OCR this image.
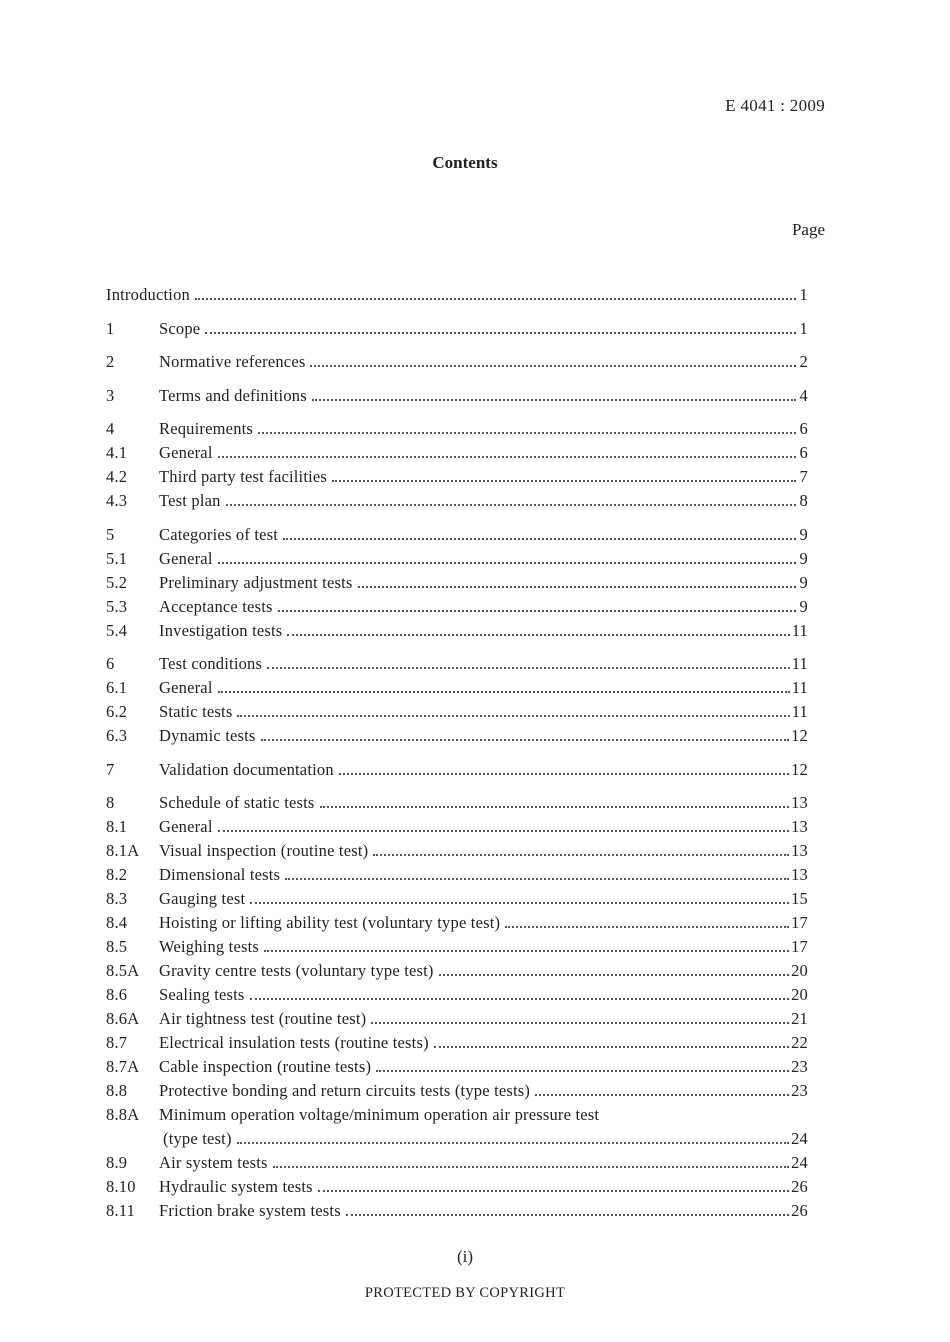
E 4041 : 2009
Contents
Page
Introduction	1
1	Scope	1
2	Normative references	2
3	Terms and definitions	4
4	Requirements	6
4.1	General	6
4.2	Third party test facilities	7
4.3	Test plan	8
5	Categories of test	9
5.1	General	9
5.2	Preliminary adjustment tests	9
5.3	Acceptance tests	9
5.4	Investigation tests	11
6	Test conditions	11
6.1	General	11
6.2	Static tests	11
6.3	Dynamic tests	12
7	Validation documentation	12
8	Schedule of static tests	13
8.1	General	13
8.1A	Visual inspection (routine test)	13
8.2	Dimensional tests	13
8.3	Gauging test	15
8.4	Hoisting or lifting ability test (voluntary type test)	17
8.5	Weighing tests	17
8.5A	Gravity centre tests (voluntary type test)	20
8.6	Sealing tests	20
8.6A	Air tightness test (routine test)	21
8.7	Electrical insulation tests (routine tests)	22
8.7A	Cable inspection (routine tests)	23
8.8	Protective bonding and return circuits tests (type tests)	23
8.8A	Minimum operation voltage/minimum operation air pressure test
(type test)	24
8.9	Air system tests	24
8.10	Hydraulic system tests	26
8.11	Friction brake system tests	26
(i)
PROTECTED BY COPYRIGHT
